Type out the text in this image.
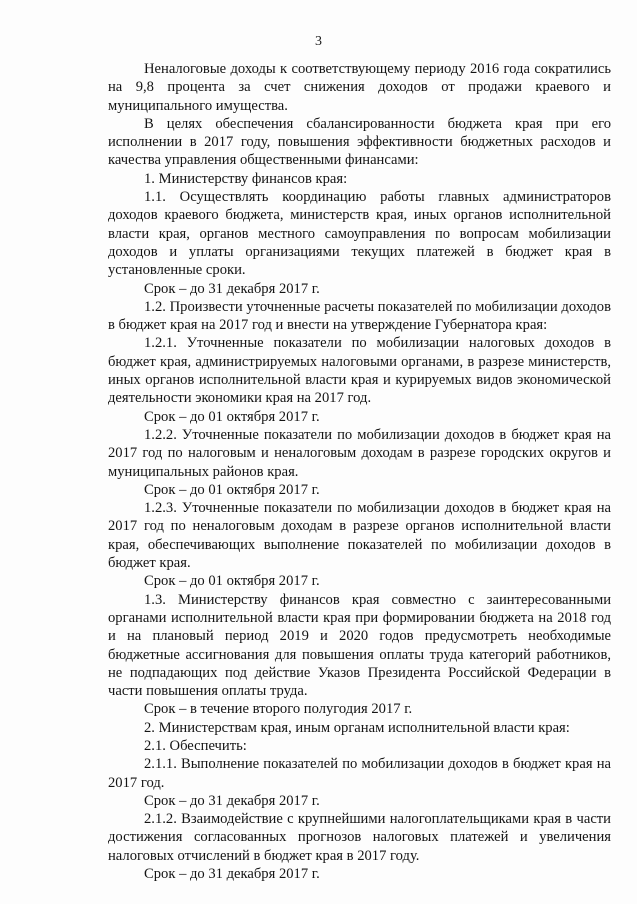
3

Неналоговые доходы к соответствующему периоду 2016 года сократились на 9,8 процента за счет снижения доходов от продажи краевого и муниципального имущества.

В целях обеспечения сбалансированности бюджета края при его исполнении в 2017 году, повышения эффективности бюджетных расходов и качества управления общественными финансами:

1. Министерству финансов края:

1.1. Осуществлять координацию работы главных администраторов доходов краевого бюджета, министерств края, иных органов исполнительной власти края, органов местного самоуправления по вопросам мобилизации доходов и уплаты организациями текущих платежей в бюджет края в установленные сроки.

Срок – до 31 декабря 2017 г.

1.2. Произвести уточненные расчеты показателей по мобилизации доходов в бюджет края на 2017 год и внести на утверждение Губернатора края:

1.2.1. Уточненные показатели по мобилизации налоговых доходов в бюджет края, администрируемых налоговыми органами, в разрезе министерств, иных органов исполнительной власти края и курируемых видов экономической деятельности экономики края на 2017 год.

Срок – до 01 октября 2017 г.

1.2.2. Уточненные показатели по мобилизации доходов в бюджет края на 2017 год по налоговым и неналоговым доходам в разрезе городских округов и муниципальных районов края.

Срок – до 01 октября 2017 г.

1.2.3. Уточненные показатели по мобилизации доходов в бюджет края на 2017 год по неналоговым доходам в разрезе органов исполнительной власти края, обеспечивающих выполнение показателей по мобилизации доходов в бюджет края.

Срок – до 01 октября 2017 г.

1.3. Министерству финансов края совместно с заинтересованными органами исполнительной власти края при формировании бюджета на 2018 год и на плановый период 2019 и 2020 годов предусмотреть необходимые бюджетные ассигнования для повышения оплаты труда категорий работников, не подпадающих под действие Указов Президента Российской Федерации в части повышения оплаты труда.

Срок – в течение второго полугодия 2017 г.

2. Министерствам края, иным органам исполнительной власти края:

2.1. Обеспечить:

2.1.1. Выполнение показателей по мобилизации доходов в бюджет края на 2017 год.

Срок – до 31 декабря 2017 г.

2.1.2. Взаимодействие с крупнейшими налогоплательщиками края в части достижения согласованных прогнозов налоговых платежей и увеличения налоговых отчислений в бюджет края в 2017 году.

Срок – до 31 декабря 2017 г.
